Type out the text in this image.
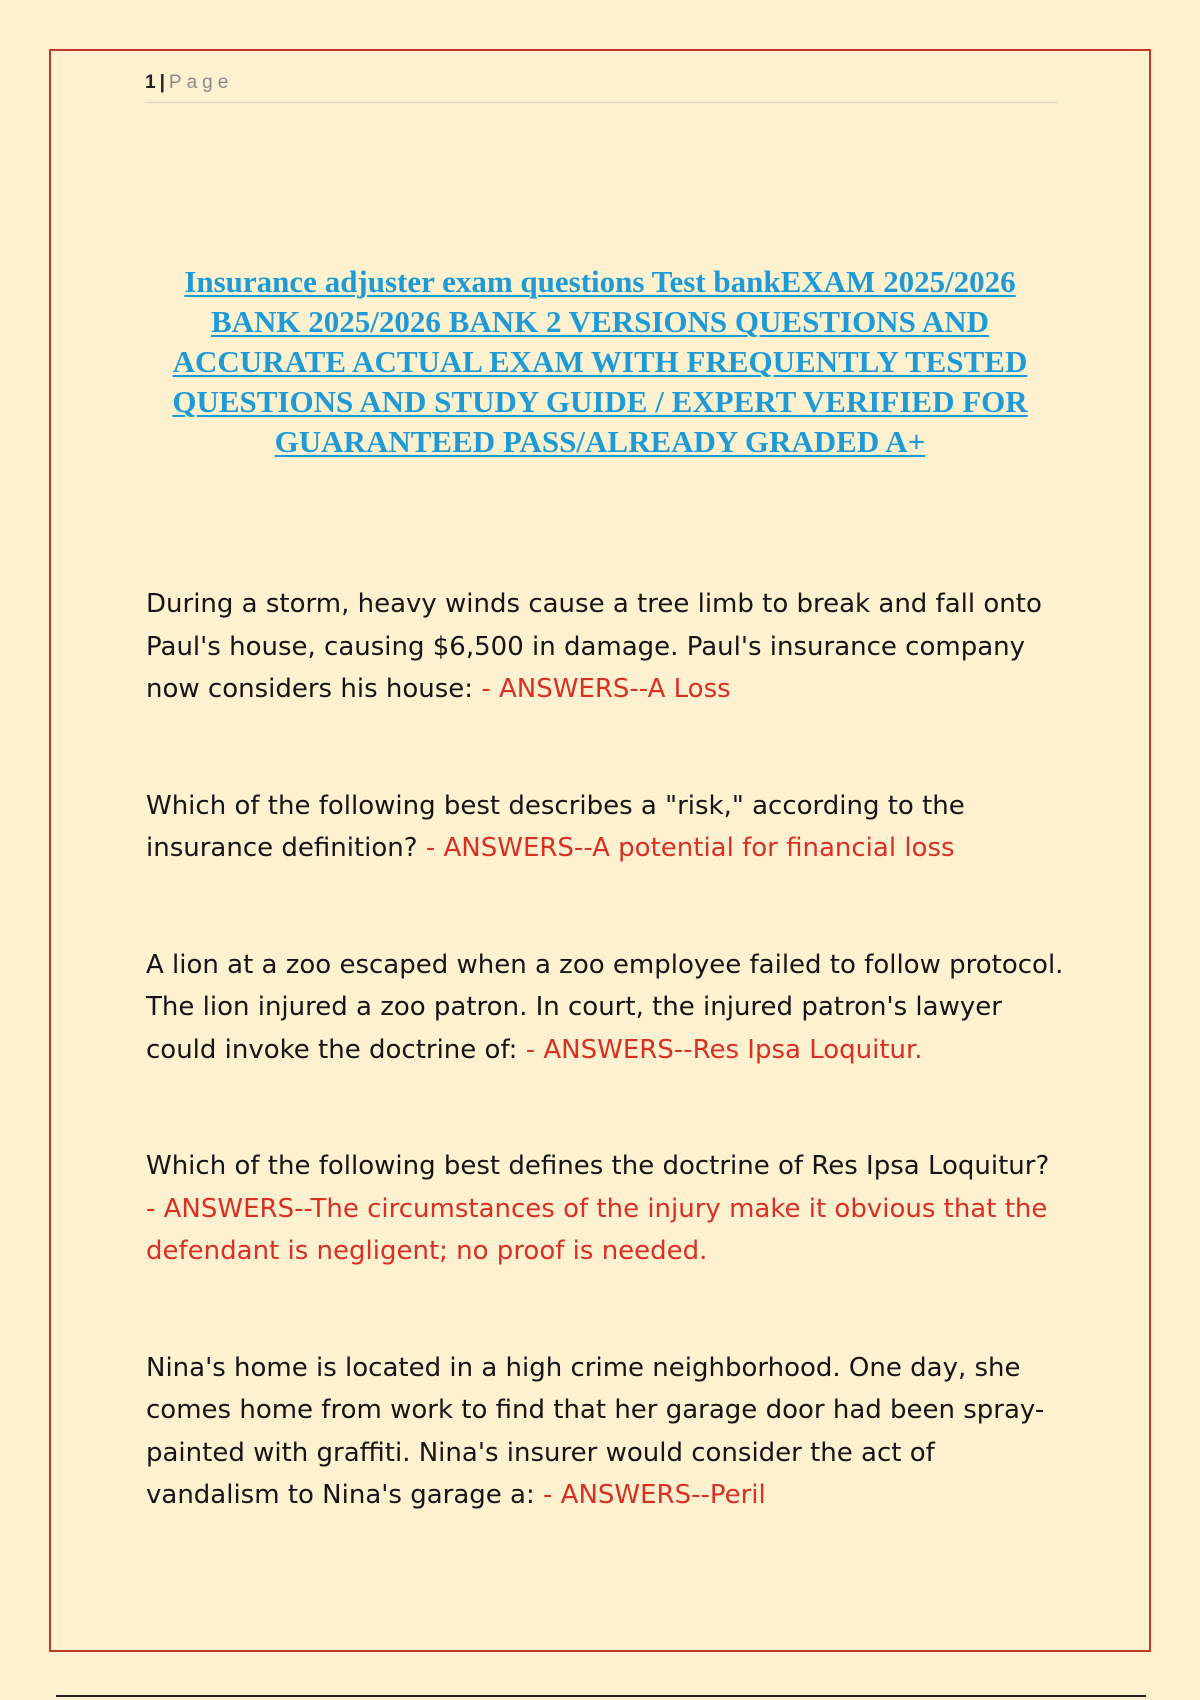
1 | Page
Insurance adjuster exam questions Test bankEXAM 2025/2026 BANK 2025/2026 BANK 2 VERSIONS QUESTIONS AND ACCURATE ACTUAL EXAM WITH FREQUENTLY TESTED QUESTIONS AND STUDY GUIDE / EXPERT VERIFIED FOR GUARANTEED PASS/ALREADY GRADED A+

During a storm, heavy winds cause a tree limb to break and fall onto Paul's house, causing $6,500 in damage. Paul's insurance company now considers his house: - ANSWERS--A Loss

Which of the following best describes a "risk," according to the insurance definition? - ANSWERS--A potential for financial loss

A lion at a zoo escaped when a zoo employee failed to follow protocol. The lion injured a zoo patron. In court, the injured patron's lawyer could invoke the doctrine of: - ANSWERS--Res Ipsa Loquitur.

Which of the following best defines the doctrine of Res Ipsa Loquitur? - ANSWERS--The circumstances of the injury make it obvious that the defendant is negligent; no proof is needed.

Nina's home is located in a high crime neighborhood. One day, she comes home from work to find that her garage door had been spray-painted with graffiti. Nina's insurer would consider the act of vandalism to Nina's garage a: - ANSWERS--Peril
